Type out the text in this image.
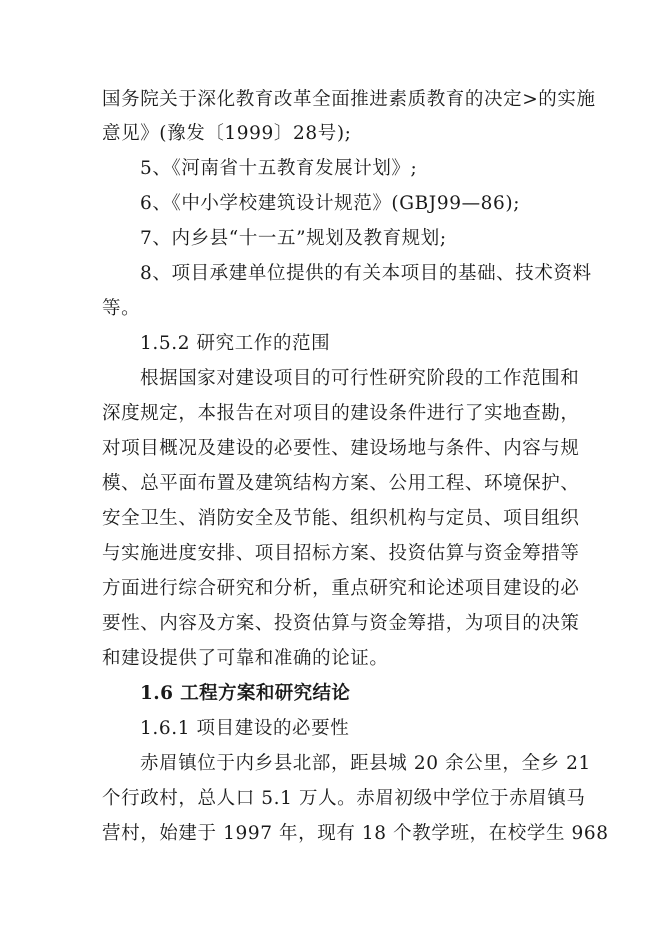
国务院关于深化教育改革全面推进素质教育的决定>的实施
意见》(豫发〔1999〕28号);
5、《河南省十五教育发展计划》;
6、《中小学校建筑设计规范》(GBJ99—86);
7、内乡县“十一五”规划及教育规划;
8、项目承建单位提供的有关本项目的基础、技术资料
等。
1.5.2 研究工作的范围
根据国家对建设项目的可行性研究阶段的工作范围和
深度规定，本报告在对项目的建设条件进行了实地查勘，
对项目概况及建设的必要性、建设场地与条件、内容与规
模、总平面布置及建筑结构方案、公用工程、环境保护、
安全卫生、消防安全及节能、组织机构与定员、项目组织
与实施进度安排、项目招标方案、投资估算与资金筹措等
方面进行综合研究和分析，重点研究和论述项目建设的必
要性、内容及方案、投资估算与资金筹措，为项目的决策
和建设提供了可靠和准确的论证。
1.6 工程方案和研究结论
1.6.1 项目建设的必要性
赤眉镇位于内乡县北部，距县城 20 余公里，全乡 21
个行政村，总人口 5.1 万人。赤眉初级中学位于赤眉镇马
营村，始建于 1997 年，现有 18 个教学班，在校学生 968
